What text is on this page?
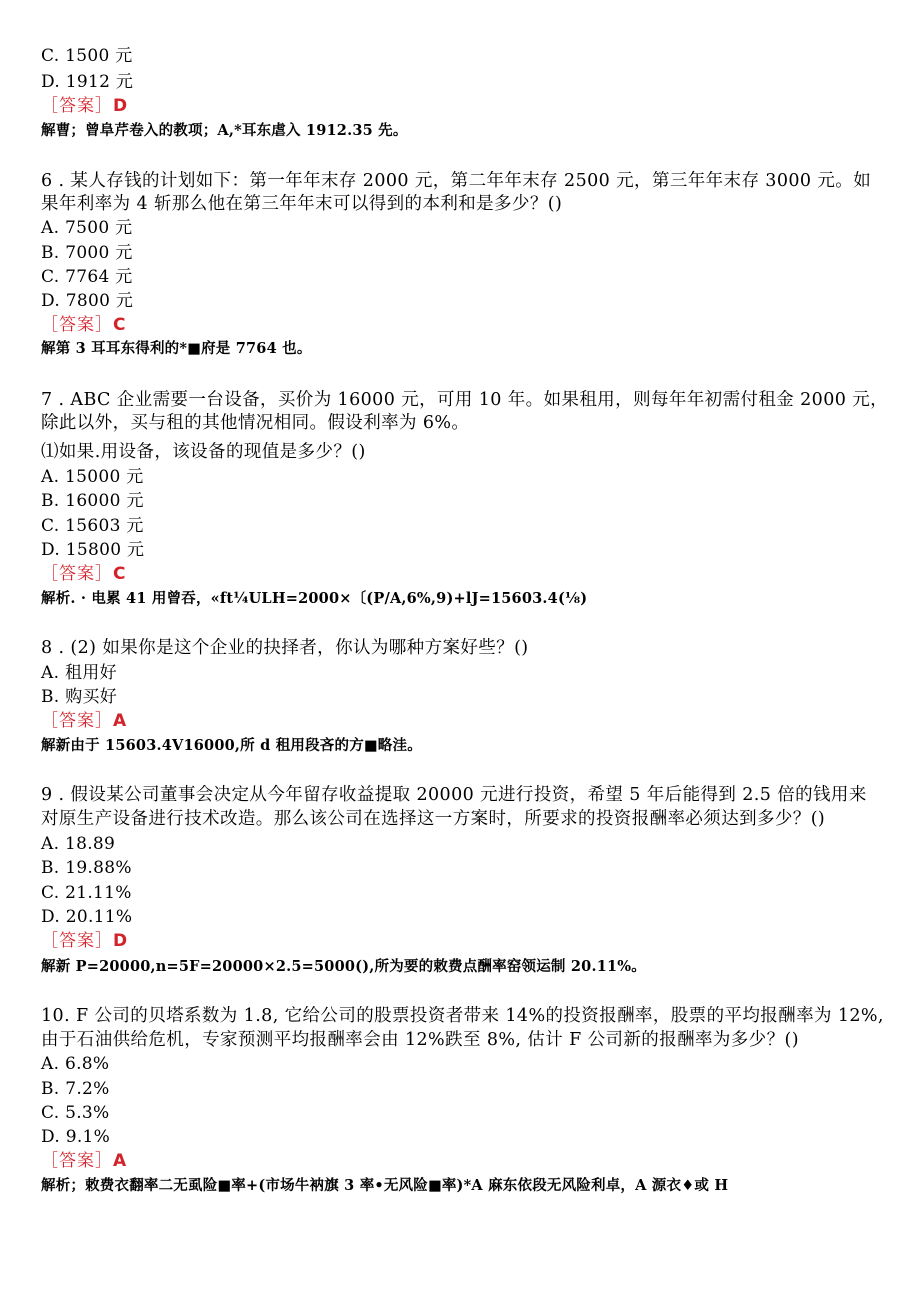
C. 1500 元
D. 1912 元
［答案］D
解曹；曾阜芹卷入的教项；A,*耳东虐入 1912.35 先。
6 . 某人存钱的计划如下：第一年年末存 2000 元，第二年年末存 2500 元，第三年年末存 3000 元。如
果年利率为 4 斩那么他在第三年年末可以得到的本利和是多少？()
A. 7500 元
B. 7000 元
C. 7764 元
D. 7800 元
［答案］C
解第 3 耳耳东得利的*■府是 7764 也。
7 . ABC 企业需要一台设备，买价为 16000 元，可用 10 年。如果租用，则每年年初需付租金 2000 元，
除此以外，买与租的其他情况相同。假设利率为 6%。
⑴如果.用设备，该设备的现值是多少？()
A. 15000 元
B. 16000 元
C. 15603 元
D. 15800 元
［答案］C
解析. · 电累 41 用曾吞，«ft¼ULH=2000×〔(P/A,6%,9)+lJ=15603.4(⅛)
8 . (2) 如果你是这个企业的抉择者，你认为哪种方案好些？()
A. 租用好
B. 购买好
［答案］A
解新由于 15603.4V16000,所 d 租用段吝的方■略洼。
9 . 假设某公司董事会决定从今年留存收益提取 20000 元进行投资，希望 5 年后能得到 2.5 倍的钱用来
对原生产设备进行技术改造。那么该公司在选择这一方案时，所要求的投资报酬率必须达到多少？()
A. 18.89
B. 19.88%
C. 21.11%
D. 20.11%
［答案］D
解新 P=20000,n=5F=20000×2.5=5000(),所为要的敕费点酬率窑领运制 20.11%。
10. F 公司的贝塔系数为 1.8, 它给公司的股票投资者带来 14%的投资报酬率，股票的平均报酬率为 12%,
由于石油供给危机，专家预测平均报酬率会由 12%跌至 8%, 估计 F 公司新的报酬率为多少？()
A. 6.8%
B. 7.2%
C. 5.3%
D. 9.1%
［答案］A
解析；敕费衣翻率二无虱险■率+(市场牛衲旗 3 率•无风险■率)*A 麻东依段无风险利卓，A 源衣♦或 H
